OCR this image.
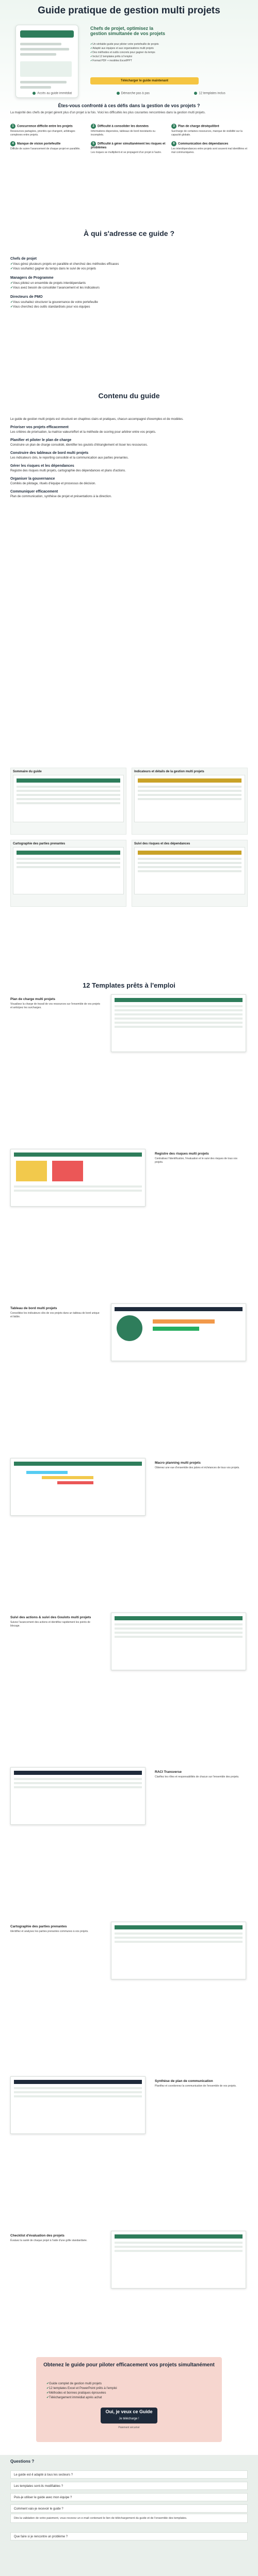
Guide pratique de gestion multi projets
Chefs de projet, optimisez la gestion simultanée de vos projets
✔ Un véritable guide pour piloter votre portefeuille de projets
✔ Adapté aux équipes et aux organisations multi projets
✔ Des méthodes et outils concrets pour gagner du temps
✔ Inclut 12 templates prêts à l'emploi
✔ Format PDF + modèles Excel/PPT
Télécharger le guide maintenant
Accès au guide immédiat	Démarche pas à pas	12 templates inclus
Êtes-vous confronté à ces défis dans la gestion de vos projets ?
La majorité des chefs de projet gèrent plus d'un projet à la fois. Voici les difficultés les plus courantes rencontrées dans la gestion multi projets.
1 Concurrence difficile entre les projets
Ressources partagées, priorités qui changent, arbitrages complexes entre projets.
2 Difficulté à consolider les données
Informations dispersées, tableaux de bord inexistants ou incomplets.
3 Plan de charge déséquilibré
Surcharge de certaines ressources, manque de visibilité sur la capacité globale.
4 Manque de vision portefeuille
Difficile de suivre l'avancement de chaque projet en parallèle.
5 Difficulté à gérer simultanément les risques et problèmes
Les risques se multiplient et se propagent d'un projet à l'autre.
6 Communication des dépendances
Les interdépendances entre projets sont souvent mal identifiées et mal communiquées.
À qui s'adresse ce guide ?
Chefs de projet
✔ Vous gérez plusieurs projets en parallèle et cherchez des méthodes efficaces
✔ Vous souhaitez gagner du temps dans le suivi de vos projets
Managers de Programme
✔ Vous pilotez un ensemble de projets interdépendants
✔ Vous avez besoin de consolider l'avancement et les indicateurs
Directeurs de PMO
✔ Vous souhaitez structurer la gouvernance de votre portefeuille
✔ Vous cherchez des outils standardisés pour vos équipes
Contenu du guide
Le guide de gestion multi projets est structuré en chapitres clairs et pratiques, chacun accompagné d'exemples et de modèles.
Prioriser vos projets efficacement
Les critères de priorisation, la matrice valeur/effort et la méthode de scoring pour arbitrer entre vos projets.
Planifier et piloter le plan de charge
Construire un plan de charge consolidé, identifier les goulots d'étranglement et lisser les ressources.
Construire des tableaux de bord multi projets
Les indicateurs clés, le reporting consolidé et la communication aux parties prenantes.
Gérer les risques et les dépendances
Registre des risques multi projets, cartographie des dépendances et plans d'actions.
Organiser la gouvernance
Comités de pilotage, rituels d'équipe et processus de décision.
Communiquer efficacement
Plan de communication, synthèse de projet et présentations à la direction.
Sommaire du guide	Indicateurs et détails de la gestion multi projets
Cartographie des parties prenantes	Suivi des risques et des dépendances
12 Templates prêts à l'emploi
Plan de charge multi projets
Visualisez la charge de travail de vos ressources sur l'ensemble de vos projets et anticipez les surcharges.
Registre des risques multi projets
Centralisez l'identification, l'évaluation et le suivi des risques de tous vos projets.
Tableau de bord multi projets
Consolidez les indicateurs clés de vos projets dans un tableau de bord unique et lisible.
Macro planning multi projets
Obtenez une vue d'ensemble des jalons et échéances de tous vos projets.
Suivi des actions & suivi des Goulots multi projets
Suivez l'avancement des actions et identifiez rapidement les points de blocage.
RACI Transverse
Clarifiez les rôles et responsabilités de chacun sur l'ensemble des projets.
Cartographie des parties prenantes
Identifiez et analysez les parties prenantes communes à vos projets.
Synthèse de plan de communication
Planifiez et coordonnez la communication de l'ensemble de vos projets.
Checklist d'évaluation des projets
Évaluez la santé de chaque projet à l'aide d'une grille standardisée.
Obtenez le guide pour piloter efficacement vos projets simultanément
✔ Guide complet de gestion multi projets
✔ 12 templates Excel et PowerPoint prêts à l'emploi
✔ Méthodes et bonnes pratiques éprouvées
✔ Téléchargement immédiat après achat
Oui, je veux ce Guide
Je télécharge !
Paiement sécurisé
Questions ?
Le guide est-il adapté à tous les secteurs ?
Les templates sont-ils modifiables ?
Puis-je utiliser le guide avec mon équipe ?
Comment vais-je recevoir le guide ?
Dès la validation de votre paiement, vous recevez un e-mail contenant le lien de téléchargement du guide et de l'ensemble des templates.
Que faire si je rencontre un problème ?
